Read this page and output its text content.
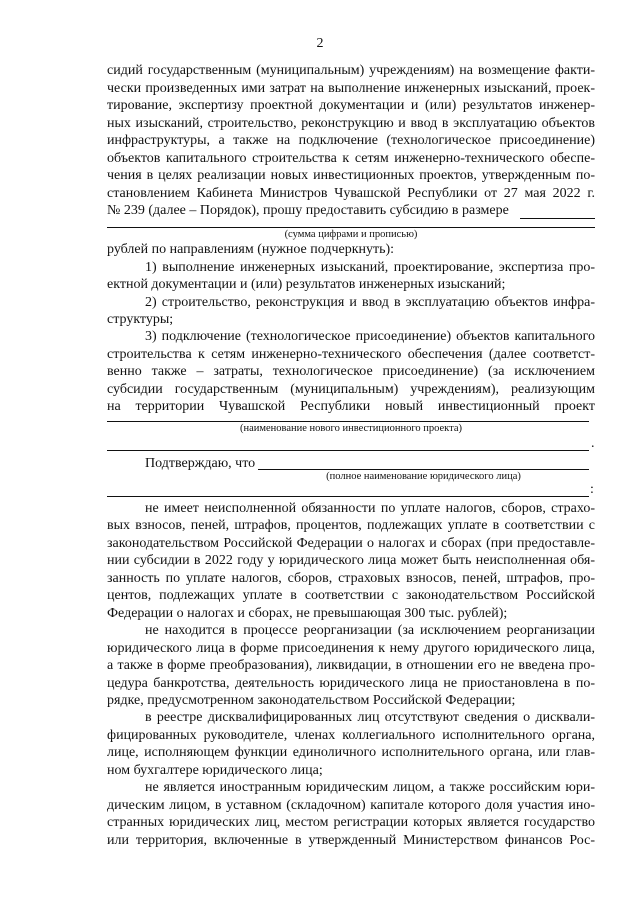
2
сидий государственным (муниципальным) учреждениям) на возмещение факти-
чески произведенных ими затрат на выполнение инженерных изысканий, проек-
тирование, экспертизу проектной документации и (или) результатов инженер-
ных изысканий, строительство, реконструкцию и ввод в эксплуатацию объектов
инфраструктуры, а также на подключение (технологическое присоединение)
объектов капитального строительства к сетям инженерно-технического обеспе-
чения в целях реализации новых инвестиционных проектов, утвержденным по-
становлением Кабинета Министров Чувашской Республики от 27 мая 2022 г.
№ 239 (далее – Порядок), прошу предоставить субсидию в размере
(сумма цифрами и прописью)
рублей по направлениям (нужное подчеркнуть):
1) выполнение инженерных изысканий, проектирование, экспертиза про-
ектной документации и (или) результатов инженерных изысканий;
2) строительство, реконструкция и ввод в эксплуатацию объектов инфра-
структуры;
3) подключение (технологическое присоединение) объектов капитального
строительства к сетям инженерно-технического обеспечения (далее соответст-
венно также – затраты, технологическое присоединение) (за исключением
субсидии государственным (муниципальным) учреждениям), реализующим
на территории Чувашской Республики новый инвестиционный проект
(наименование нового инвестиционного проекта)
.
Подтверждаю, что
(полное наименование юридического лица)
:
не имеет неисполненной обязанности по уплате налогов, сборов, страхо-
вых взносов, пеней, штрафов, процентов, подлежащих уплате в соответствии с
законодательством Российской Федерации о налогах и сборах (при предоставле-
нии субсидии в 2022 году у юридического лица может быть неисполненная обя-
занность по уплате налогов, сборов, страховых взносов, пеней, штрафов, про-
центов, подлежащих уплате в соответствии с законодательством Российской
Федерации о налогах и сборах, не превышающая 300 тыс. рублей);
не находится в процессе реорганизации (за исключением реорганизации
юридического лица в форме присоединения к нему другого юридического лица,
а также в форме преобразования), ликвидации, в отношении его не введена про-
цедура банкротства, деятельность юридического лица не приостановлена в по-
рядке, предусмотренном законодательством Российской Федерации;
в реестре дисквалифицированных лиц отсутствуют сведения о дисквали-
фицированных руководителе, членах коллегиального исполнительного органа,
лице, исполняющем функции единоличного исполнительного органа, или глав-
ном бухгалтере юридического лица;
не является иностранным юридическим лицом, а также российским юри-
дическим лицом, в уставном (складочном) капитале которого доля участия ино-
странных юридических лиц, местом регистрации которых является государство
или территория, включенные в утвержденный Министерством финансов Рос-
